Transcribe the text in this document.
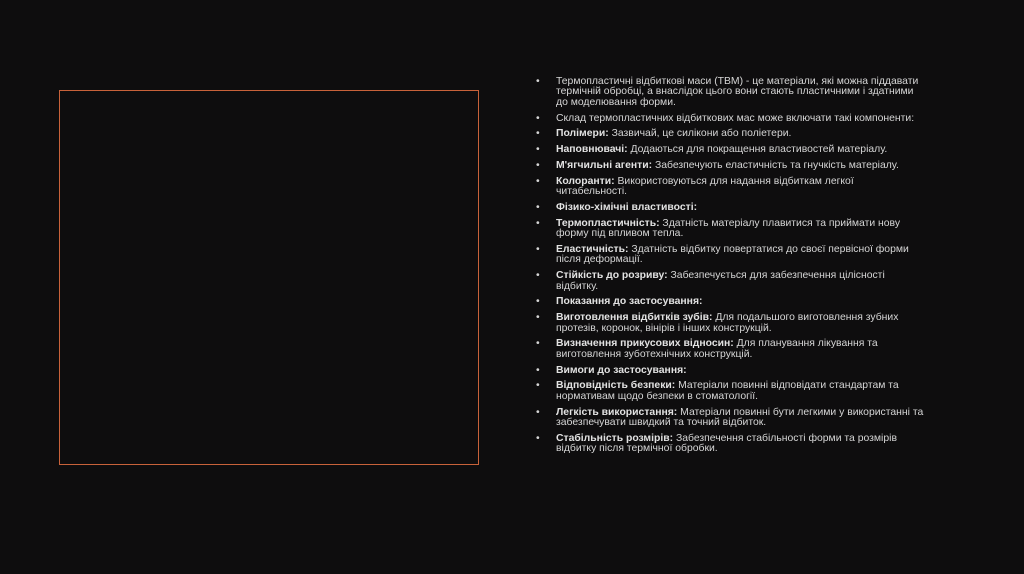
• Термопластичні відбиткові маси (ТВМ) - це матеріали, які можна піддавати термічній обробці, а внаслідок цього вони стають пластичними і здатними до моделювання форми.
• Склад термопластичних відбиткових мас може включати такі компоненти:
• Полімери: Зазвичай, це силікони або поліетери.
• Наповнювачі: Додаються для покращення властивостей матеріалу.
• М'ягчильні агенти: Забезпечують еластичність та гнучкість матеріалу.
• Колоранти: Використовуються для надання відбиткам легкої читабельності.
• Фізико-хімічні властивості:
• Термопластичність: Здатність матеріалу плавитися та приймати нову форму під впливом тепла.
• Еластичність: Здатність відбитку повертатися до своєї первісної форми після деформації.
• Стійкість до розриву: Забезпечується для забезпечення цілісності відбитку.
• Показання до застосування:
• Виготовлення відбитків зубів: Для подальшого виготовлення зубних протезів, коронок, вінірів і інших конструкцій.
• Визначення прикусових відносин: Для планування лікування та виготовлення зуботехнічних конструкцій.
• Вимоги до застосування:
• Відповідність безпеки: Матеріали повинні відповідати стандартам та нормативам щодо безпеки в стоматології.
• Легкість використання: Матеріали повинні бути легкими у використанні та забезпечувати швидкий та точний відбиток.
• Стабільність розмірів: Забезпечення стабільності форми та розмірів відбитку після термічної обробки.
